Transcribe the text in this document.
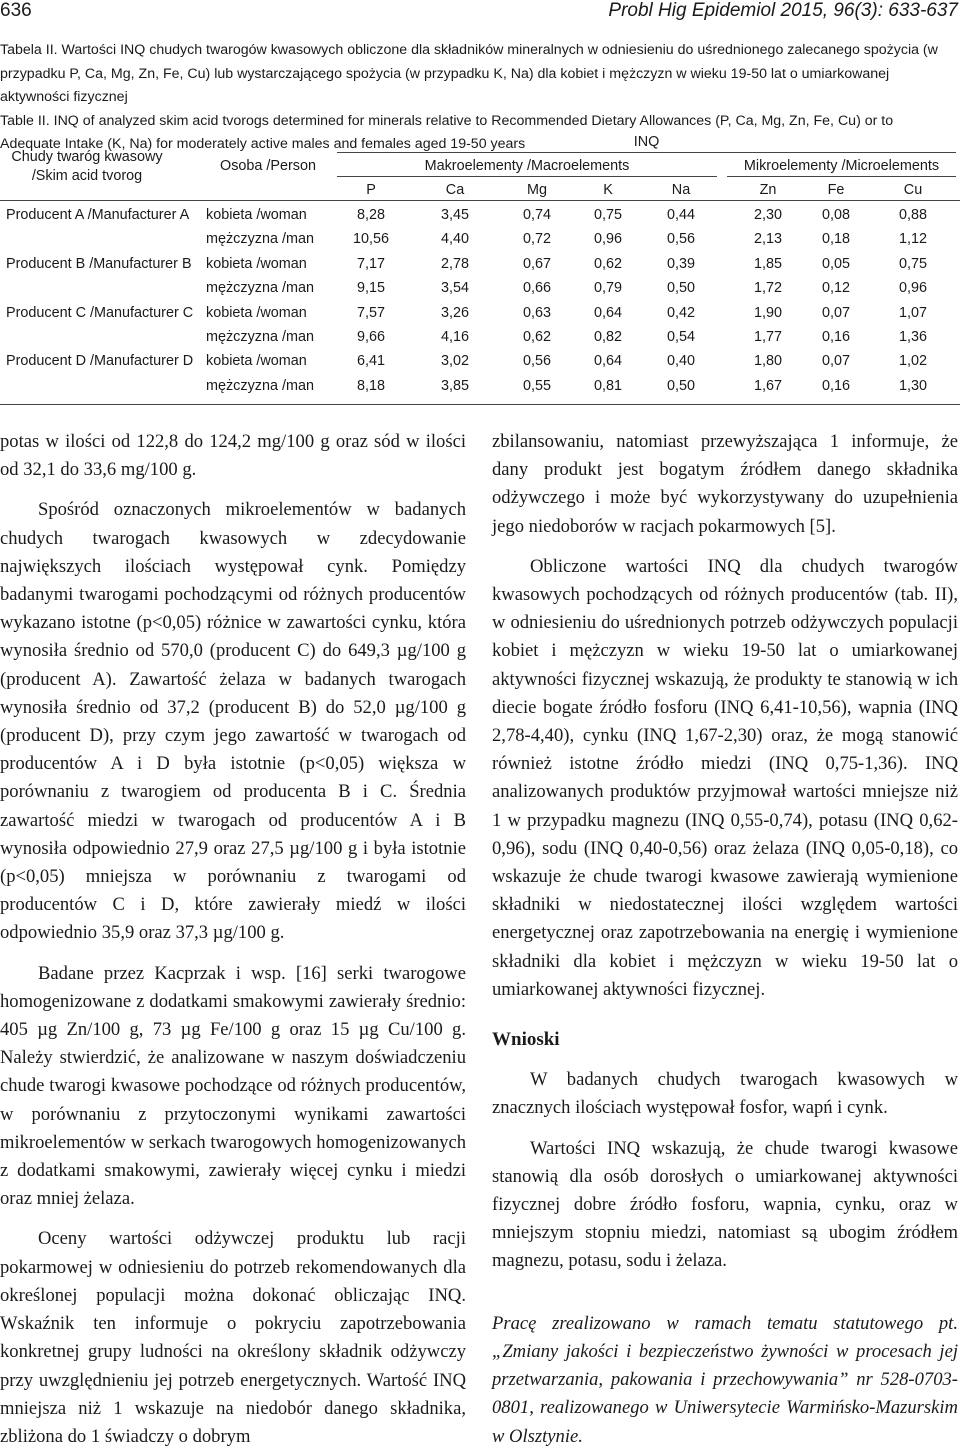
636	Probl Hig Epidemiol 2015, 96(3): 633-637

Tabela II. Wartości INQ chudych twarogów kwasowych obliczone dla składników mineralnych w odniesieniu do uśrednionego zalecanego spożycia (w przypadku P, Ca, Mg, Zn, Fe, Cu) lub wystarczającego spożycia (w przypadku K, Na) dla kobiet i mężczyzn w wieku 19-50 lat o umiarkowanej aktywności fizycznej

Table II. INQ of analyzed skim acid tvorogs determined for minerals relative to Recommended Dietary Allowances (P, Ca, Mg, Zn, Fe, Cu) or to Adequate Intake (K, Na) for moderately active males and females aged 19-50 years

Chudy twaróg kwasowy
/Skim acid tvorog
Osoba /Person
INQ
Makroelementy /Macroelements	Mikroelementy /Microelements
P	Ca	Mg	K	Na	Zn	Fe	Cu
Producent A /Manufacturer A kobieta /woman	8,28	3,45	0,74	0,75	0,44	2,30	0,08	0,88
mężczyzna /man	10,56	4,40	0,72	0,96	0,56	2,13	0,18	1,12
Producent B /Manufacturer B kobieta /woman	7,17	2,78	0,67	0,62	0,39	1,85	0,05	0,75
mężczyzna /man	9,15	3,54	0,66	0,79	0,50	1,72	0,12	0,96
Producent C /Manufacturer C kobieta /woman	7,57	3,26	0,63	0,64	0,42	1,90	0,07	1,07
mężczyzna /man	9,66	4,16	0,62	0,82	0,54	1,77	0,16	1,36
Producent D /Manufacturer D kobieta /woman	6,41	3,02	0,56	0,64	0,40	1,80	0,07	1,02
mężczyzna /man	8,18	3,85	0,55	0,81	0,50	1,67	0,16	1,30

potas w ilości od 122,8 do 124,2 mg/100 g oraz sód w ilości od 32,1 do 33,6 mg/100 g.

Spośród oznaczonych mikroelementów w badanych chudych twarogach kwasowych w zdecydowanie największych ilościach występował cynk. Pomiędzy badanymi twarogami pochodzącymi od różnych producentów wykazano istotne (p<0,05) różnice w zawartości cynku, która wynosiła średnio od 570,0 (producent C) do 649,3 µg/100 g (producent A). Zawartość żelaza w badanych twarogach wynosiła średnio od 37,2 (producent B) do 52,0 µg/100 g (producent D), przy czym jego zawartość w twarogach od producentów A i D była istotnie (p<0,05) większa w porównaniu z twarogiem od producenta B i C. Średnia zawartość miedzi w twarogach od producentów A i B wynosiła odpowiednio 27,9 oraz 27,5 µg/100 g i była istotnie (p<0,05) mniejsza w porównaniu z twarogami od producentów C i D, które zawierały miedź w ilości odpowiednio 35,9 oraz 37,3 µg/100 g.

Badane przez Kacprzak i wsp. [16] serki twarogowe homogenizowane z dodatkami smakowymi zawierały średnio: 405 µg Zn/100 g, 73 µg Fe/100 g oraz 15 µg Cu/100 g. Należy stwierdzić, że analizowane w naszym doświadczeniu chude twarogi kwasowe pochodzące od różnych producentów, w porównaniu z przytoczonymi wynikami zawartości mikroelementów w serkach twarogowych homogenizowanych z dodatkami smakowymi, zawierały więcej cynku i miedzi oraz mniej żelaza.

Oceny wartości odżywczej produktu lub racji pokarmowej w odniesieniu do potrzeb rekomendowanych dla określonej populacji można dokonać obliczając INQ. Wskaźnik ten informuje o pokryciu zapotrzebowania konkretnej grupy ludności na określony składnik odżywczy przy uwzględnieniu jej potrzeb energetycznych. Wartość INQ mniejsza niż 1 wskazuje na niedobór danego składnika, zbliżona do 1 świadczy o dobrym

zbilansowaniu, natomiast przewyższająca 1 informuje, że dany produkt jest bogatym źródłem danego składnika odżywczego i może być wykorzystywany do uzupełnienia jego niedoborów w racjach pokarmowych [5].

Obliczone wartości INQ dla chudych twarogów kwasowych pochodzących od różnych producentów (tab. II), w odniesieniu do uśrednionych potrzeb odżywczych populacji kobiet i mężczyzn w wieku 19-50 lat o umiarkowanej aktywności fizycznej wskazują, że produkty te stanowią w ich diecie bogate źródło fosforu (INQ 6,41-10,56), wapnia (INQ 2,78-4,40), cynku (INQ 1,67-2,30) oraz, że mogą stanowić również istotne źródło miedzi (INQ 0,75-1,36). INQ analizowanych produktów przyjmował wartości mniejsze niż 1 w przypadku magnezu (INQ 0,55-0,74), potasu (INQ 0,62-0,96), sodu (INQ 0,40-0,56) oraz żelaza (INQ 0,05-0,18), co wskazuje że chude twarogi kwasowe zawierają wymienione składniki w niedostatecznej ilości względem wartości energetycznej oraz zapotrzebowania na energię i wymienione składniki dla kobiet i mężczyzn w wieku 19-50 lat o umiarkowanej aktywności fizycznej.

Wnioski

W badanych chudych twarogach kwasowych w znacznych ilościach występował fosfor, wapń i cynk.

Wartości INQ wskazują, że chude twarogi kwasowe stanowią dla osób dorosłych o umiarkowanej aktywności fizycznej dobre źródło fosforu, wapnia, cynku, oraz w mniejszym stopniu miedzi, natomiast są ubogim źródłem magnezu, potasu, sodu i żelaza.

Pracę zrealizowano w ramach tematu statutowego pt. „Zmiany jakości i bezpieczeństwo żywności w procesach jej przetwarzania, pakowania i przechowywania” nr 528-0703-0801, realizowanego w Uniwersytecie Warmińsko-Mazurskim w Olsztynie.
